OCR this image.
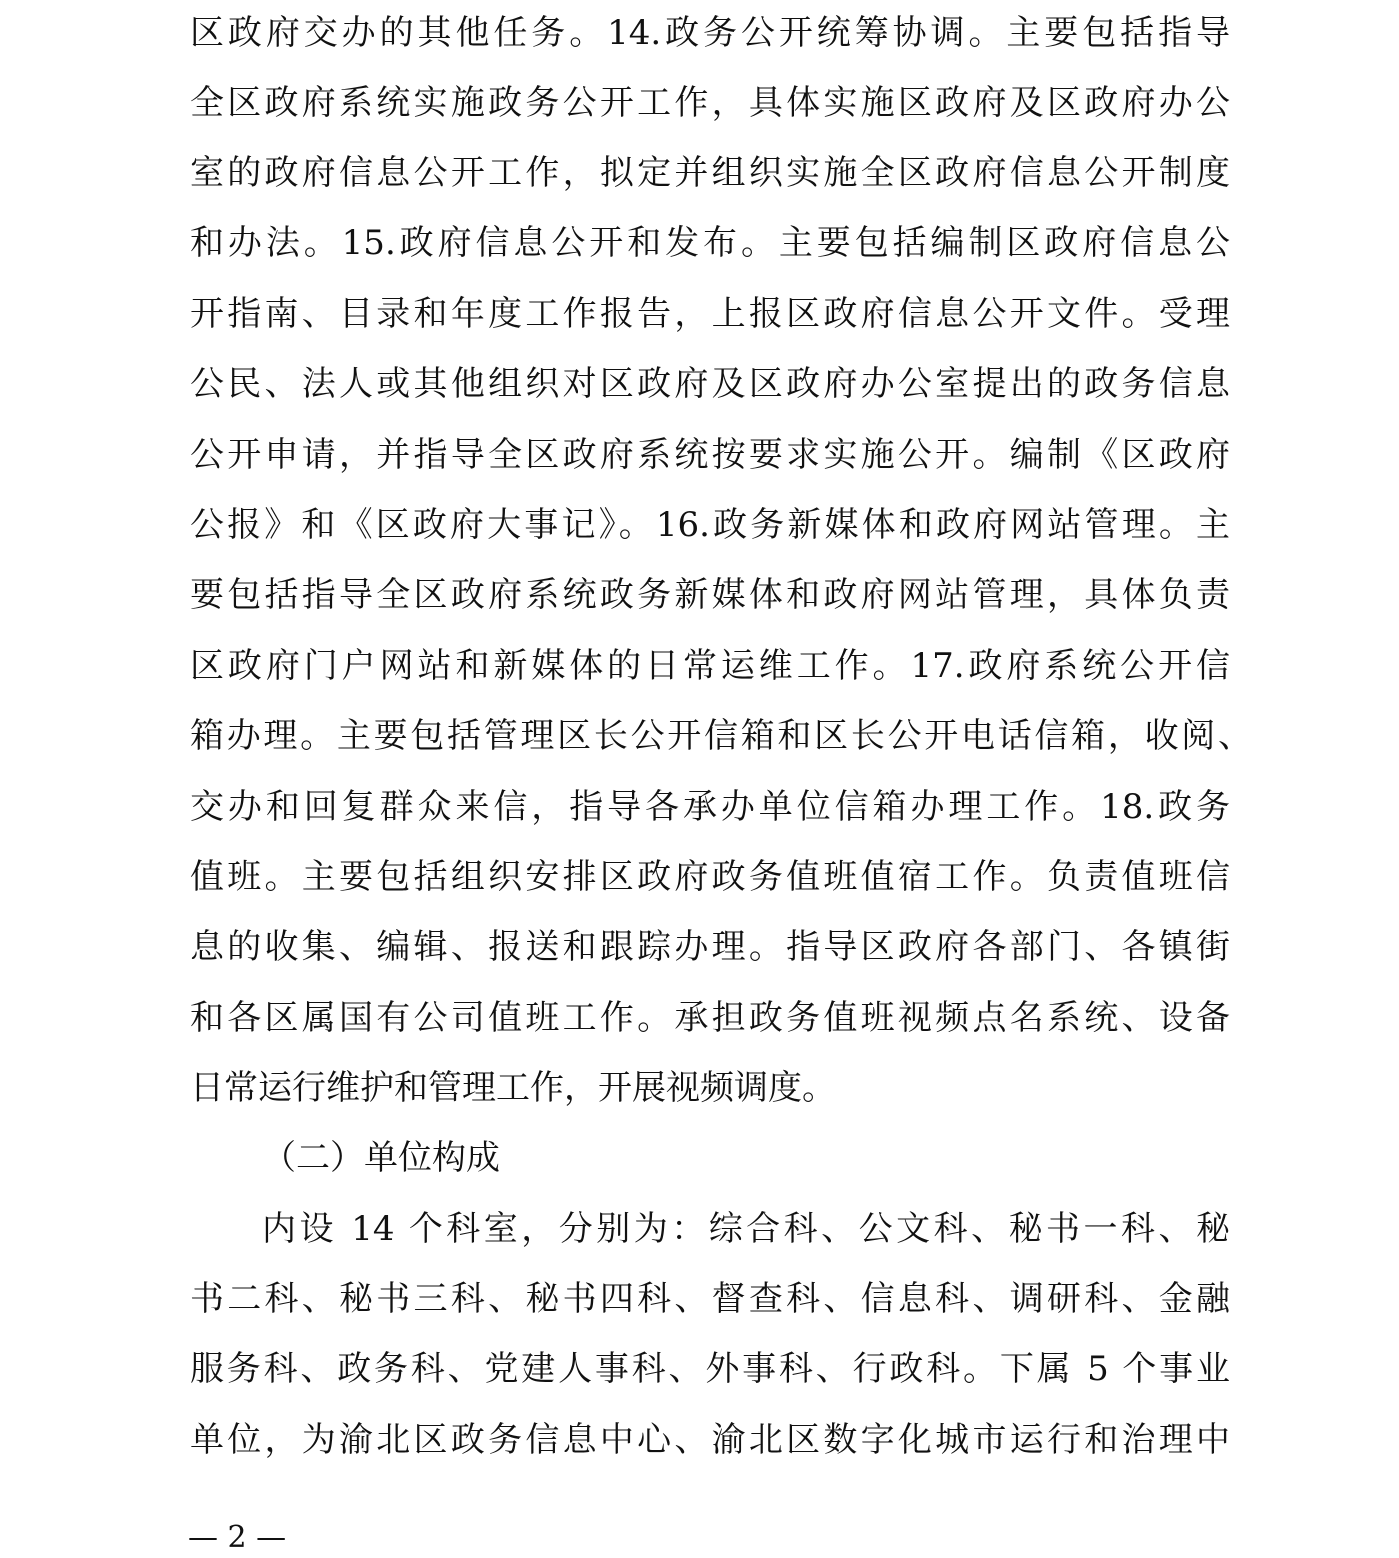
区政府交办的其他任务。14.政务公开统筹协调。主要包括指导
全区政府系统实施政务公开工作，具体实施区政府及区政府办公
室的政府信息公开工作，拟定并组织实施全区政府信息公开制度
和办法。15.政府信息公开和发布。主要包括编制区政府信息公
开指南、目录和年度工作报告，上报区政府信息公开文件。受理
公民、法人或其他组织对区政府及区政府办公室提出的政务信息
公开申请，并指导全区政府系统按要求实施公开。编制《区政府
公报》和《区政府大事记》。16.政务新媒体和政府网站管理。主
要包括指导全区政府系统政务新媒体和政府网站管理，具体负责
区政府门户网站和新媒体的日常运维工作。17.政府系统公开信
箱办理。主要包括管理区长公开信箱和区长公开电话信箱，收阅、
交办和回复群众来信，指导各承办单位信箱办理工作。18.政务
值班。主要包括组织安排区政府政务值班值宿工作。负责值班信
息的收集、编辑、报送和跟踪办理。指导区政府各部门、各镇街
和各区属国有公司值班工作。承担政务值班视频点名系统、设备
日常运行维护和管理工作，开展视频调度。
（二）单位构成
内设 14 个科室，分别为：综合科、公文科、秘书一科、秘
书二科、秘书三科、秘书四科、督查科、信息科、调研科、金融
服务科、政务科、党建人事科、外事科、行政科。下属 5 个事业
单位，为渝北区政务信息中心、渝北区数字化城市运行和治理中
— 2 —
